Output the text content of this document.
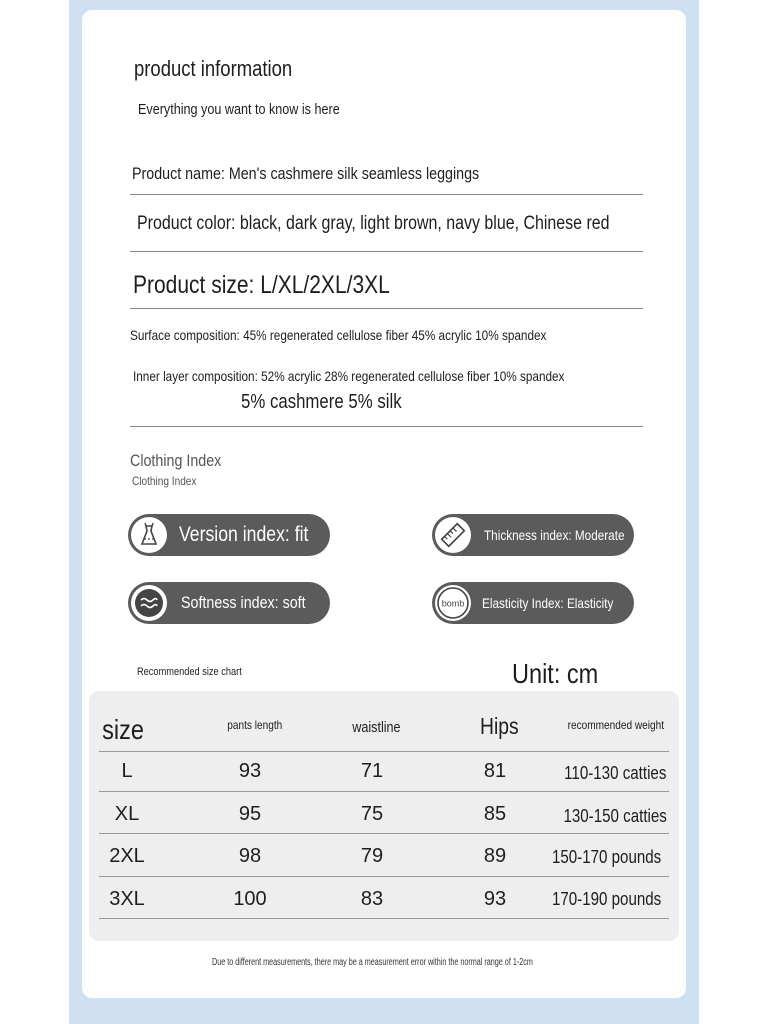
product information
Everything you want to know is here
Product name: Men's cashmere silk seamless leggings
Product color: black, dark gray, light brown, navy blue, Chinese red
Product size: L/XL/2XL/3XL
Surface composition: 45% regenerated cellulose fiber 45% acrylic 10% spandex
Inner layer composition: 52% acrylic 28% regenerated cellulose fiber 10% spandex
5% cashmere 5% silk
Clothing Index
Clothing Index
Version index: fit	Thickness index: Moderate
Softness index: soft	bomb Elasticity Index: Elasticity
Recommended size chart	Unit: cm
size	pants length	waistline	Hips	recommended weight
L	93	71	81	110-130 catties
XL	95	75	85	130-150 catties
2XL	98	79	89	150-170 pounds
3XL	100	83	93	170-190 pounds
Due to different measurements, there may be a measurement error within the normal range of 1-2cm
